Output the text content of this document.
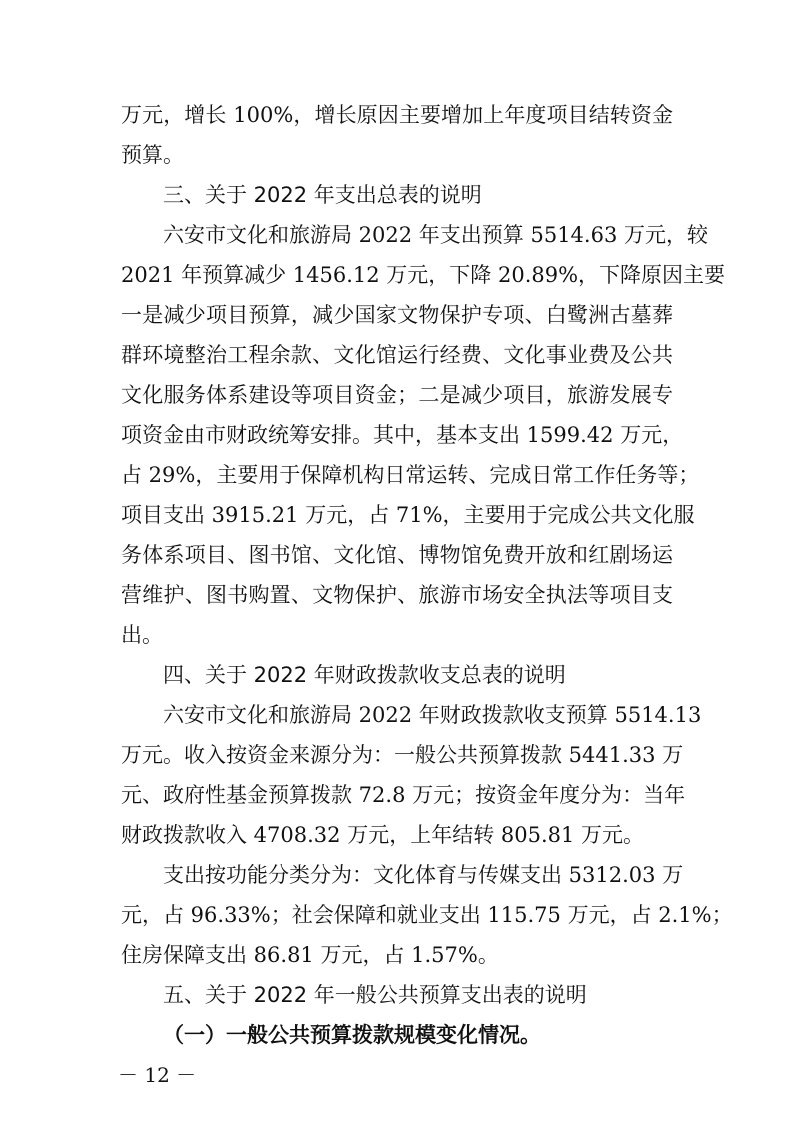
万元，增长 100%，增长原因主要增加上年度项目结转资金
预算。
三、关于 2022 年支出总表的说明
六安市文化和旅游局 2022 年支出预算 5514.63 万元，较
2021 年预算减少 1456.12 万元，下降 20.89%，下降原因主要
一是减少项目预算，减少国家文物保护专项、白鹭洲古墓葬
群环境整治工程余款、文化馆运行经费、文化事业费及公共
文化服务体系建设等项目资金；二是减少项目，旅游发展专
项资金由市财政统筹安排。其中，基本支出 1599.42 万元，
占 29%，主要用于保障机构日常运转、完成日常工作任务等；
项目支出 3915.21 万元，占 71%，主要用于完成公共文化服
务体系项目、图书馆、文化馆、博物馆免费开放和红剧场运
营维护、图书购置、文物保护、旅游市场安全执法等项目支
出。
四、关于 2022 年财政拨款收支总表的说明
六安市文化和旅游局 2022 年财政拨款收支预算 5514.13
万元。收入按资金来源分为：一般公共预算拨款 5441.33 万
元、政府性基金预算拨款 72.8 万元；按资金年度分为：当年
财政拨款收入 4708.32 万元，上年结转 805.81 万元。
支出按功能分类分为：文化体育与传媒支出 5312.03 万
元，占 96.33%；社会保障和就业支出 115.75 万元，占 2.1%；
住房保障支出 86.81 万元，占 1.57%。
五、关于 2022 年一般公共预算支出表的说明
（一）一般公共预算拨款规模变化情况。
－ 12 －
